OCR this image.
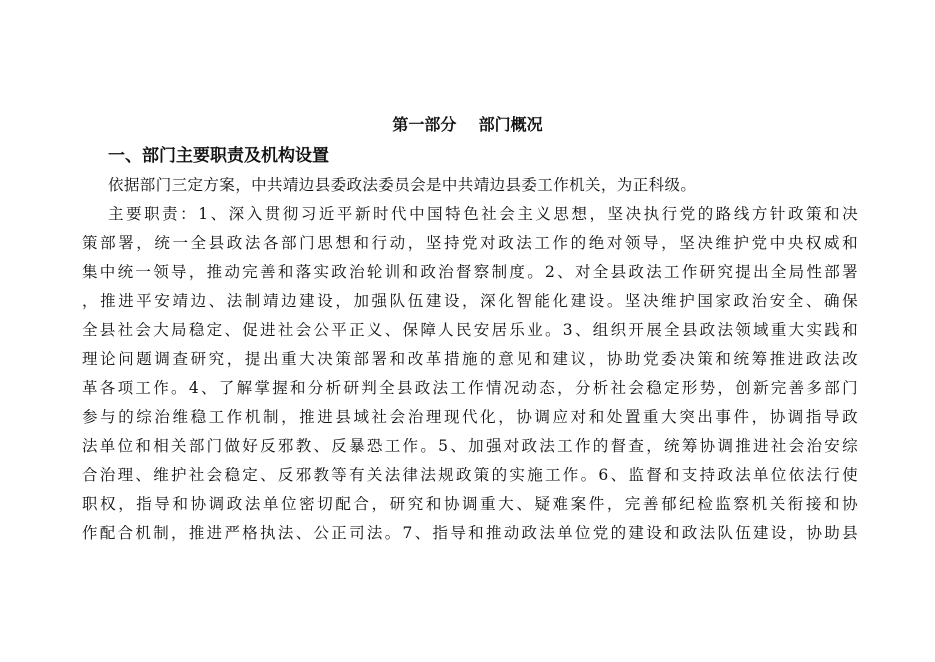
第一部分    部门概况
一、部门主要职责及机构设置
依据部门三定方案，中共靖边县委政法委员会是中共靖边县委工作机关，为正科级。
主要职责：1、深入贯彻习近平新时代中国特色社会主义思想，坚决执行党的路线方针政策和决
策部署，统一全县政法各部门思想和行动，坚持党对政法工作的绝对领导，坚决维护党中央权威和
集中统一领导，推动完善和落实政治轮训和政治督察制度。2、对全县政法工作研究提出全局性部署
，推进平安靖边、法制靖边建设，加强队伍建设，深化智能化建设。坚决维护国家政治安全、确保
全县社会大局稳定、促进社会公平正义、保障人民安居乐业。3、组织开展全县政法领域重大实践和
理论问题调查研究，提出重大决策部署和改革措施的意见和建议，协助党委决策和统筹推进政法改
革各项工作。4、了解掌握和分析研判全县政法工作情况动态，分析社会稳定形势，创新完善多部门
参与的综治维稳工作机制，推进县域社会治理现代化，协调应对和处置重大突出事件，协调指导政
法单位和相关部门做好反邪教、反暴恐工作。5、加强对政法工作的督查，统筹协调推进社会治安综
合治理、维护社会稳定、反邪教等有关法律法规政策的实施工作。6、监督和支持政法单位依法行使
职权，指导和协调政法单位密切配合，研究和协调重大、疑难案件，完善郁纪检监察机关衔接和协
作配合机制，推进严格执法、公正司法。7、指导和推动政法单位党的建设和政法队伍建设，协助县
